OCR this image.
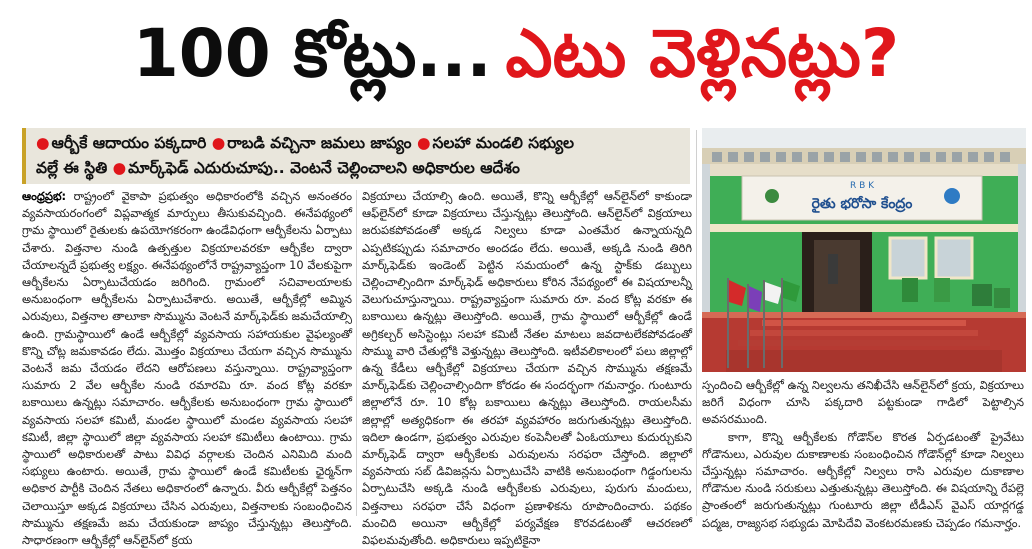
100 కోట్లు... ఎటు వెళ్లినట్లు?
● ఆర్బీకే ఆదాయం పక్కదారి ● రాబడి వచ్చినా జమలు జాప్యం ● సలహా మండలి సభ్యుల
వల్లే ఈ స్థితి ● మార్క్‌ఫెడ్ ఎదురుచూపు.. వెంటనే చెల్లించాలని అధికారుల ఆదేశం

ఆంధ్రప్రభ: రాష్ట్రంలో వైకాపా ప్రభుత్వం అధికారంలోకి వచ్చిన అనంతరం వ్యవసాయరంగంలో విప్లవాత్మక మార్పులు తీసుకువచ్చింది. ఈనేపథ్యంలో గ్రామ స్థాయిలో రైతులకు ఉపయోగకరంగా ఉండేవిధంగా ఆర్బీకేలను ఏర్పాటు చేశారు. విత్తనాల నుండి ఉత్పత్తుల విక్రయాలవరకూ ఆర్బీకేల ద్వారా చేయాలన్నదే ప్రభుత్వ లక్ష్యం. ఈనేపథ్యంలోనే రాష్ట్రవ్యాప్తంగా 10 వేలకుపైగా ఆర్బీకేలను ఏర్పాటుచేయడం జరిగింది. గ్రామంలో సచివాలయాలకు అనుబంధంగా ఆర్బీకేలను ఏర్పాటుచేశారు. అయితే, ఆర్బీకేల్లో అమ్మిన ఎరువులు, విత్తనాల తాలూకా సొమ్మును వెంటనే మార్క్‌ఫెడ్‌కు జమచేయాల్సి ఉంది. గ్రామస్థాయిలో ఉండే ఆర్బీకేల్లో వ్యవసాయ సహాయకుల వైఫల్యంతో కొన్ని చోట్ల జమకావడం లేదు. మొత్తం విక్రయాలు చేయగా వచ్చిన సొమ్మును వెంటనే జమ చేయడం లేదని ఆరోపణలు వస్తున్నాయి. రాష్ట్రవ్యాప్తంగా సుమారు 2 వేల ఆర్బీకేల నుండి రమారమి రూ. వంద కోట్ల వరకూ బకాయిలు ఉన్నట్లు సమాచారం. ఆర్బీకేలకు అనుబంధంగా గ్రామ స్థాయిలో వ్యవసాయ సలహా కమిటీ, మండల స్థాయిలో మండల వ్యవసాయ సలహా కమిటీ, జిల్లా స్థాయిలో జిల్లా వ్యవసాయ సలహా కమిటీలు ఉంటాయి. గ్రామ స్థాయిలో అధికారులతో పాటు వివిధ వర్గాలకు చెందిన ఎనిమిది మంది సభ్యులు ఉంటారు. అయితే, గ్రామ స్థాయిలో ఉండే కమిటీలకు ఛైర్మన్‌గా అధికార పార్టీకి చెందిన నేతలు అధికారంలో ఉన్నారు. వీరు ఆర్బీకేల్లో పెత్తనం చెలాయిస్తూ అక్కడ విక్రయాలు చేసిన ఎరువులు, విత్తనాలకు సంబంధించిన సొమ్మును తక్షణమే జమ చేయకుండా జాప్యం చేస్తున్నట్లు తెలుస్తోంది. సాధారణంగా ఆర్బీకేల్లో ఆన్‌లైన్‌లో క్రయ

విక్రయాలు చేయాల్సి ఉంది. అయితే, కొన్ని ఆర్బీకేల్లో ఆన్‌లైన్‌లో కాకుండా ఆఫ్‌లైన్‌లో కూడా విక్రయాలు చేస్తున్నట్లు తెలుస్తోంది. ఆన్‌లైన్‌లో విక్రయాలు జరుపకపోవడంతో అక్కడ నిల్వలు కూడా ఎంతమేర ఉన్నాయన్నది ఎప్పటికప్పుడు సమాచారం అందడం లేదు. అయితే, అక్కడి నుండి తిరిగి మార్క్‌ఫెడ్‌కు ఇండెంట్ పెట్టిన సమయంలో ఉన్న స్టాక్‌కు డబ్బులు చెల్లించాల్సిందిగా మార్క్‌ఫెడ్ అధికారులు కోరిన నేపథ్యంలో ఈ విషయాలన్నీ వెలుగుచూస్తున్నాయి. రాష్ట్రవ్యాప్తంగా సుమారు రూ. వంద కోట్ల వరకూ ఈ బకాయిలు ఉన్నట్లు తెలుస్తోంది. అయితే, గ్రామ స్థాయిలో ఆర్బీకేల్లో ఉండే అగ్రికల్చర్ అసిస్టెంట్లు సలహా కమిటీ నేతల మాటలు జవదాటలేకపోవడంతో సొమ్ము వారి చేతుల్లోకి వెళ్తున్నట్లు తెలుస్తోంది. ఇటీవలికాలంలో పలు జిల్లాల్లో ఉన్న కేడీలు ఆర్బీకేల్లో విక్రయాలు చేయగా వచ్చిన సొమ్మును తక్షణమే మార్క్‌ఫెడ్‌కు చెల్లించాల్సిందిగా కోరడం ఈ సందర్భంగా గమనార్హం. గుంటూరు జిల్లాలోనే రూ. 10 కోట్ల బకాయిలు ఉన్నట్లు తెలుస్తోంది. రాయలసీమ జిల్లాల్లో అత్యధికంగా ఈ తరహా వ్యవహారం జరుగుతున్నట్లు తెలుస్తోంది. ఇదిలా ఉండగా, ప్రభుత్వం ఎరువుల కంపెనీలతో ఏంఓయూలు కుదుర్చుకుని మార్క్‌ఫెడ్ ద్వారా ఆర్బీకేలకు ఎరువులను సరఫరా చేస్తోంది. జిల్లాలో వ్యవసాయ సబ్ డివిజన్లను ఏర్పాటుచేసి వాటికి అనుబంధంగా గిడ్డంగులను ఏర్పాటుచేసి అక్కడి నుండి ఆర్బీకేలకు ఎరువులు, పురుగు మందులు, విత్తనాలు సరఫరా చేసే విధంగా ప్రణాళికను రూపొందించారు. పథకం మంచిది అయినా ఆర్బీకేల్లో పర్యవేక్షణ కొరవడటంతో ఆచరణలో విఫలమవుతోంది. అధికారులు ఇప్పటికైనా

R B K
రైతు భరోసా కేంద్రం

స్పందించి ఆర్బీకేల్లో ఉన్న నిల్వలను తనిఖీచేసి ఆన్‌లైన్‌లో క్రయ, విక్రయాలు జరిగే విధంగా చూసి పక్కదారి పట్టకుండా గాడిలో పెట్టాల్సిన అవసరముంది.

కాగా, కొన్ని ఆర్బీకేలకు గోడౌన్‌ల కొరత ఏర్పడటంతో ప్రైవేటు గోడౌనులు, ఎరువుల దుకాణాలకు సంబంధించిన గోడౌన్‌ల్లో కూడా నిల్వలు చేస్తున్నట్లు సమాచారం. ఆర్బీకేల్లో నిల్వలు రాసి ఎరువుల దుకాణాల గోడౌనుల నుండి సరుకులు ఎత్తుతున్నట్లు తెలుస్తోంది. ఈ విషయాన్ని రేపల్లె ప్రాంతంలో జరుగుతున్నట్లు గుంటూరు జిల్లా టీడీఎస్ వైఎస్ యార్లగడ్డ పద్మజ, రాజ్యసభ సభ్యుడు మోపిదేవి వెంకటరమణకు చెప్పడం గమనార్హం.
